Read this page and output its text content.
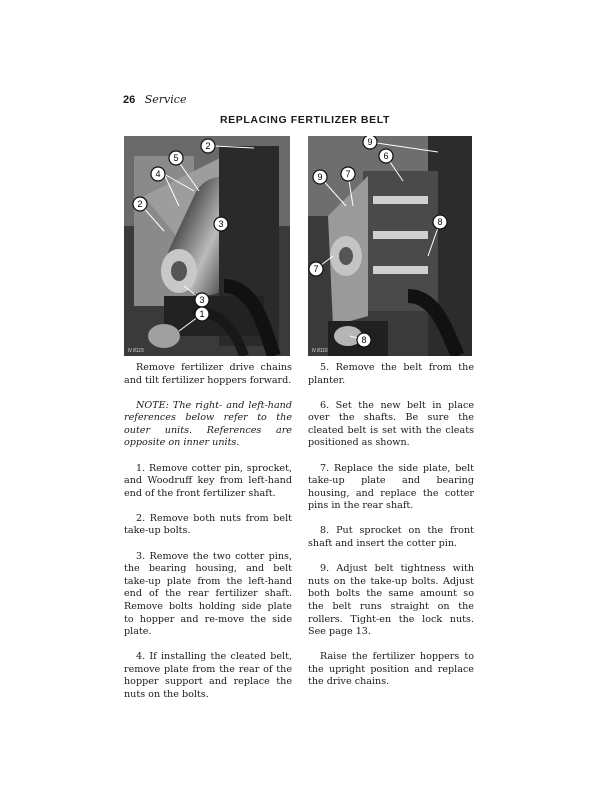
26 Service
REPLACING FERTILIZER BELT
N 8115
2
5
4
2
3
3
1
N 8116
9
6
9	7
8
7
8

Remove fertilizer drive chains and tilt fertilizer hoppers forward.

NOTE: The right- and left-hand references below refer to the outer units. References are opposite on inner units.

1. Remove cotter pin, sprocket, and Woodruff key from left-hand end of the front fertilizer shaft.

2. Remove both nuts from belt take-up bolts.

3. Remove the two cotter pins, the bearing housing, and belt take-up plate from the left-hand end of the rear fertilizer shaft. Remove bolts holding side plate to hopper and re-move the side plate.

4. If installing the cleated belt, remove plate from the rear of the hopper support and replace the nuts on the bolts.

5. Remove the belt from the planter.

6. Set the new belt in place over the shafts. Be sure the cleated belt is set with the cleats positioned as shown.

7. Replace the side plate, belt take-up plate and bearing housing, and replace the cotter pins in the rear shaft.

8. Put sprocket on the front shaft and insert the cotter pin.

9. Adjust belt tightness with nuts on the take-up bolts. Adjust both bolts the same amount so the belt runs straight on the rollers. Tight-en the lock nuts. See page 13.

Raise the fertilizer hoppers to the upright position and replace the drive chains.
